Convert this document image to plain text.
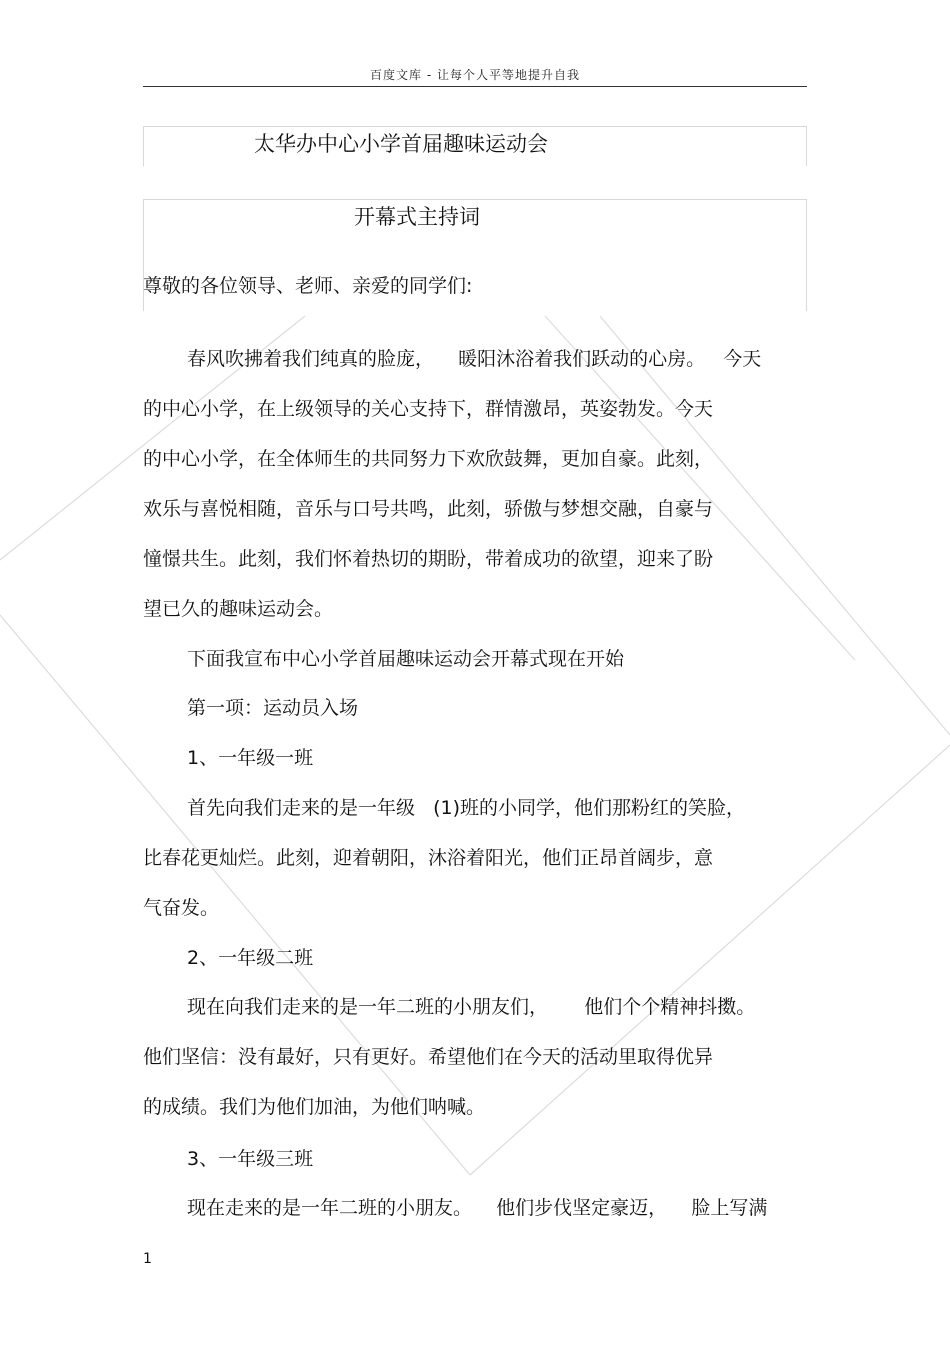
百度文库 - 让每个人平等地提升自我
太华办中心小学首届趣味运动会
开幕式主持词
尊敬的各位领导、老师、亲爱的同学们:
春风吹拂着我们纯真的脸庞，    暖阳沐浴着我们跃动的心房。   今天
的中心小学，在上级领导的关心支持下，群情激昂，英姿勃发。今天
的中心小学，在全体师生的共同努力下欢欣鼓舞，更加自豪。此刻，
欢乐与喜悦相随，音乐与口号共鸣，此刻，骄傲与梦想交融，自豪与
憧憬共生。此刻，我们怀着热切的期盼，带着成功的欲望，迎来了盼
望已久的趣味运动会。
下面我宣布中心小学首届趣味运动会开幕式现在开始
第一项：运动员入场
1、一年级一班
首先向我们走来的是一年级   (1)班的小同学，他们那粉红的笑脸，
比春花更灿烂。此刻，迎着朝阳，沐浴着阳光，他们正昂首阔步，意
气奋发。
2、一年级二班
现在向我们走来的是一年二班的小朋友们，      他们个个精神抖擞。
他们坚信：没有最好，只有更好。希望他们在今天的活动里取得优异
的成绩。我们为他们加油，为他们呐喊。
3、一年级三班
现在走来的是一年二班的小朋友。    他们步伐坚定豪迈，    脸上写满
1
